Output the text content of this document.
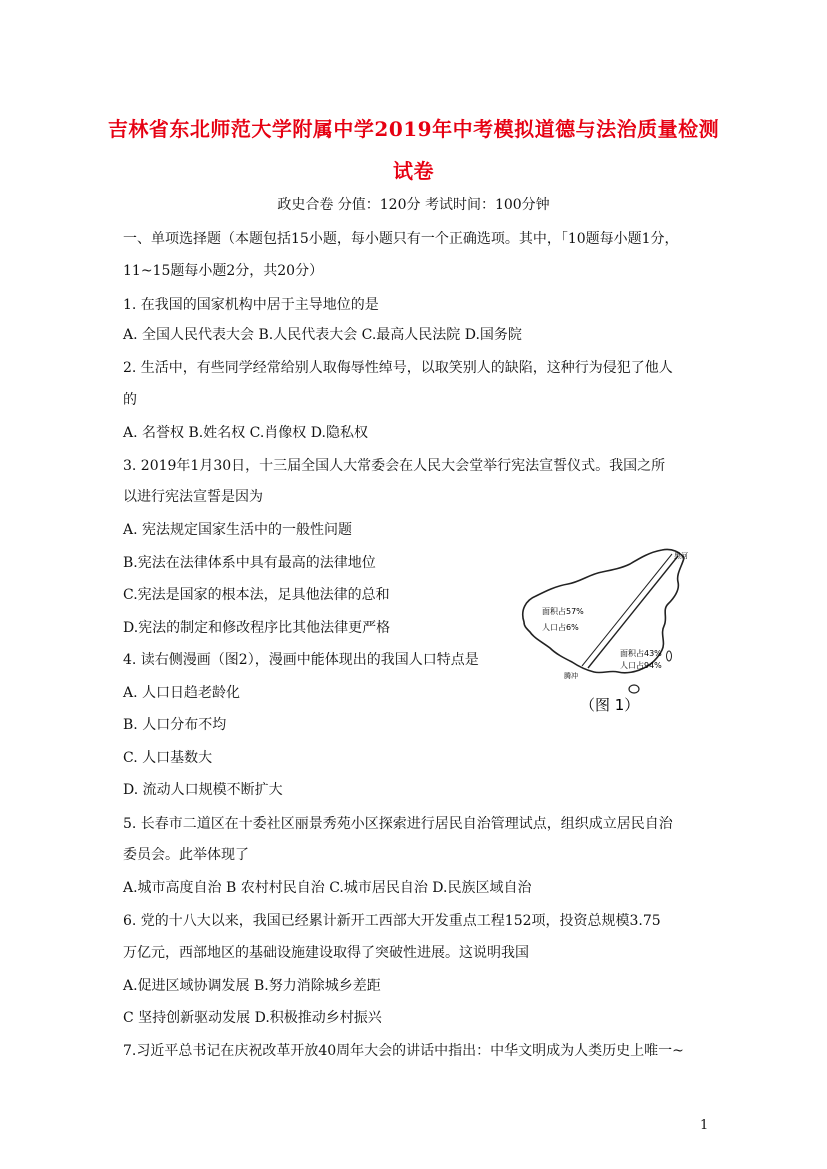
吉林省东北师范大学附属中学2019年中考模拟道德与法治质量检测
试卷
政史合卷 分值：120分 考试时间：100分钟
一、单项选择题（本题包括15小题，每小题只有一个正确选项。其中，「10题每小题1分，
11~15题每小题2分，共20分）
1. 在我国的国家机构中居于主导地位的是
A. 全国人民代表大会 B.人民代表大会 C.最高人民法院 D.国务院
2. 生活中，有些同学经常给别人取侮辱性绰号，以取笑别人的缺陷，这种行为侵犯了他人
的
A. 名誉权 B.姓名权 C.肖像权 D.隐私权
3. 2019年1月30日，十三届全国人大常委会在人民大会堂举行宪法宣誓仪式。我国之所
以进行宪法宣誓是因为
A. 宪法规定国家生活中的一般性问题
B.宪法在法律体系中具有最高的法律地位
C.宪法是国家的根本法，足具他法律的总和
D.宪法的制定和修改程序比其他法律更严格
4. 读右侧漫画（图2），漫画中能体现出的我国人口特点是
A. 人口日趋老龄化
B. 人口分布不均
C. 人口基数大
D. 流动人口规模不断扩大
5. 长春市二道区在十委社区丽景秀苑小区探索进行居民自治管理试点，组织成立居民自治
委员会。此举体现了
A.城市高度自治 B 农村村民自治 C.城市居民自治 D.民族区域自治
6. 党的十八大以来，我国已经累计新开工西部大开发重点工程152项，投资总规模3.75
万亿元，西部地区的基础设施建设取得了突破性进展。这说明我国
A.促进区域协调发展 B.努力消除城乡差距
C 坚持创新驱动发展 D.积极推动乡村振兴
7.习近平总书记在庆祝改革开放40周年大会的讲话中指出：中华文明成为人类历史上唯一~
面积占57%
人口占6%
面积占43%
人口占94%
黑河
腾冲
（图 1）
1
